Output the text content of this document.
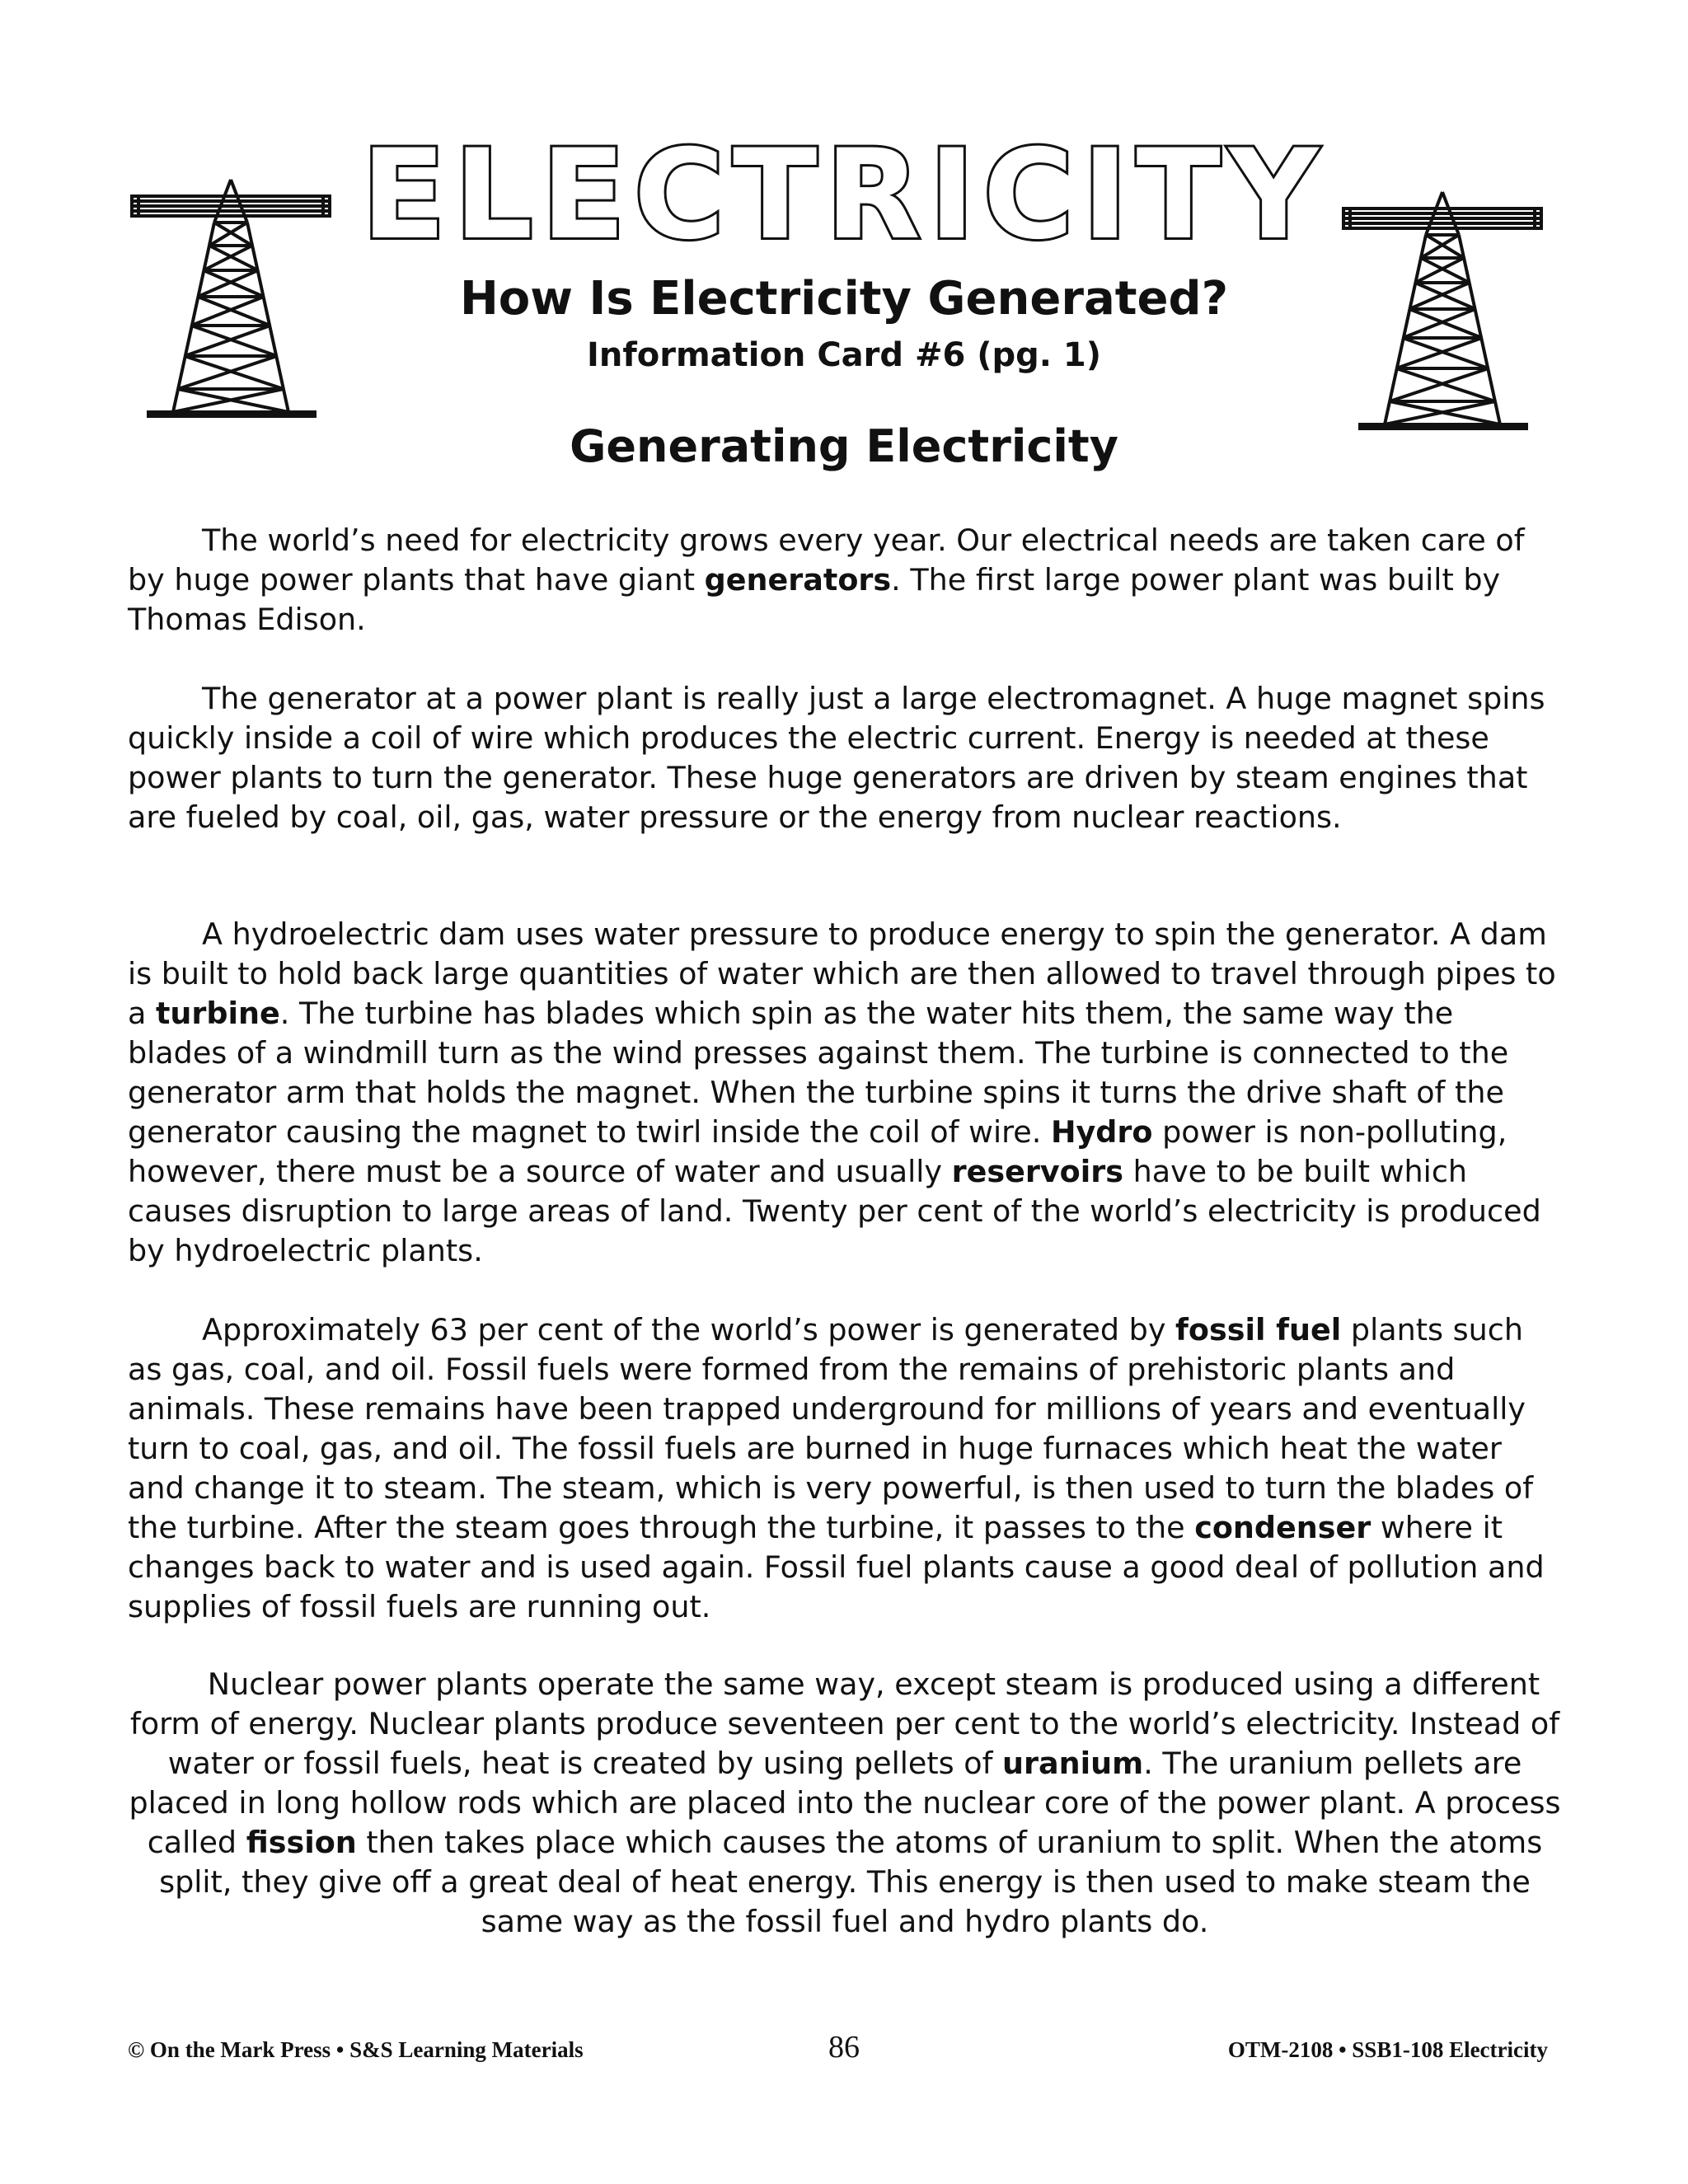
ELECTRICITY
How Is Electricity Generated?
Information Card #6 (pg. 1)
Generating Electricity

The world’s need for electricity grows every year. Our electrical needs are taken care of by huge power plants that have giant generators. The first large power plant was built by Thomas Edison.

The generator at a power plant is really just a large electromagnet. A huge magnet spins quickly inside a coil of wire which produces the electric current. Energy is needed at these power plants to turn the generator. These huge generators are driven by steam engines that are fueled by coal, oil, gas, water pressure or the energy from nuclear reactions.

A hydroelectric dam uses water pressure to produce energy to spin the generator. A dam is built to hold back large quantities of water which are then allowed to travel through pipes to a turbine. The turbine has blades which spin as the water hits them, the same way the blades of a windmill turn as the wind presses against them. The turbine is connected to the generator arm that holds the magnet. When the turbine spins it turns the drive shaft of the generator causing the magnet to twirl inside the coil of wire. Hydro power is non-polluting, however, there must be a source of water and usually reservoirs have to be built which causes disruption to large areas of land. Twenty per cent of the world’s electricity is produced by hydroelectric plants.

Approximately 63 per cent of the world’s power is generated by fossil fuel plants such as gas, coal, and oil. Fossil fuels were formed from the remains of prehistoric plants and animals. These remains have been trapped underground for millions of years and eventually turn to coal, gas, and oil. The fossil fuels are burned in huge furnaces which heat the water and change it to steam. The steam, which is very powerful, is then used to turn the blades of the turbine. After the steam goes through the turbine, it passes to the condenser where it changes back to water and is used again. Fossil fuel plants cause a good deal of pollution and supplies of fossil fuels are running out.

Nuclear power plants operate the same way, except steam is produced using a different form of energy. Nuclear plants produce seventeen per cent to the world’s electricity. Instead of water or fossil fuels, heat is created by using pellets of uranium. The uranium pellets are placed in long hollow rods which are placed into the nuclear core of the power plant. A process called fission then takes place which causes the atoms of uranium to split. When the atoms split, they give off a great deal of heat energy. This energy is then used to make steam the same way as the fossil fuel and hydro plants do.

© On the Mark Press • S&S Learning Materials	86	OTM-2108 • SSB1-108 Electricity
